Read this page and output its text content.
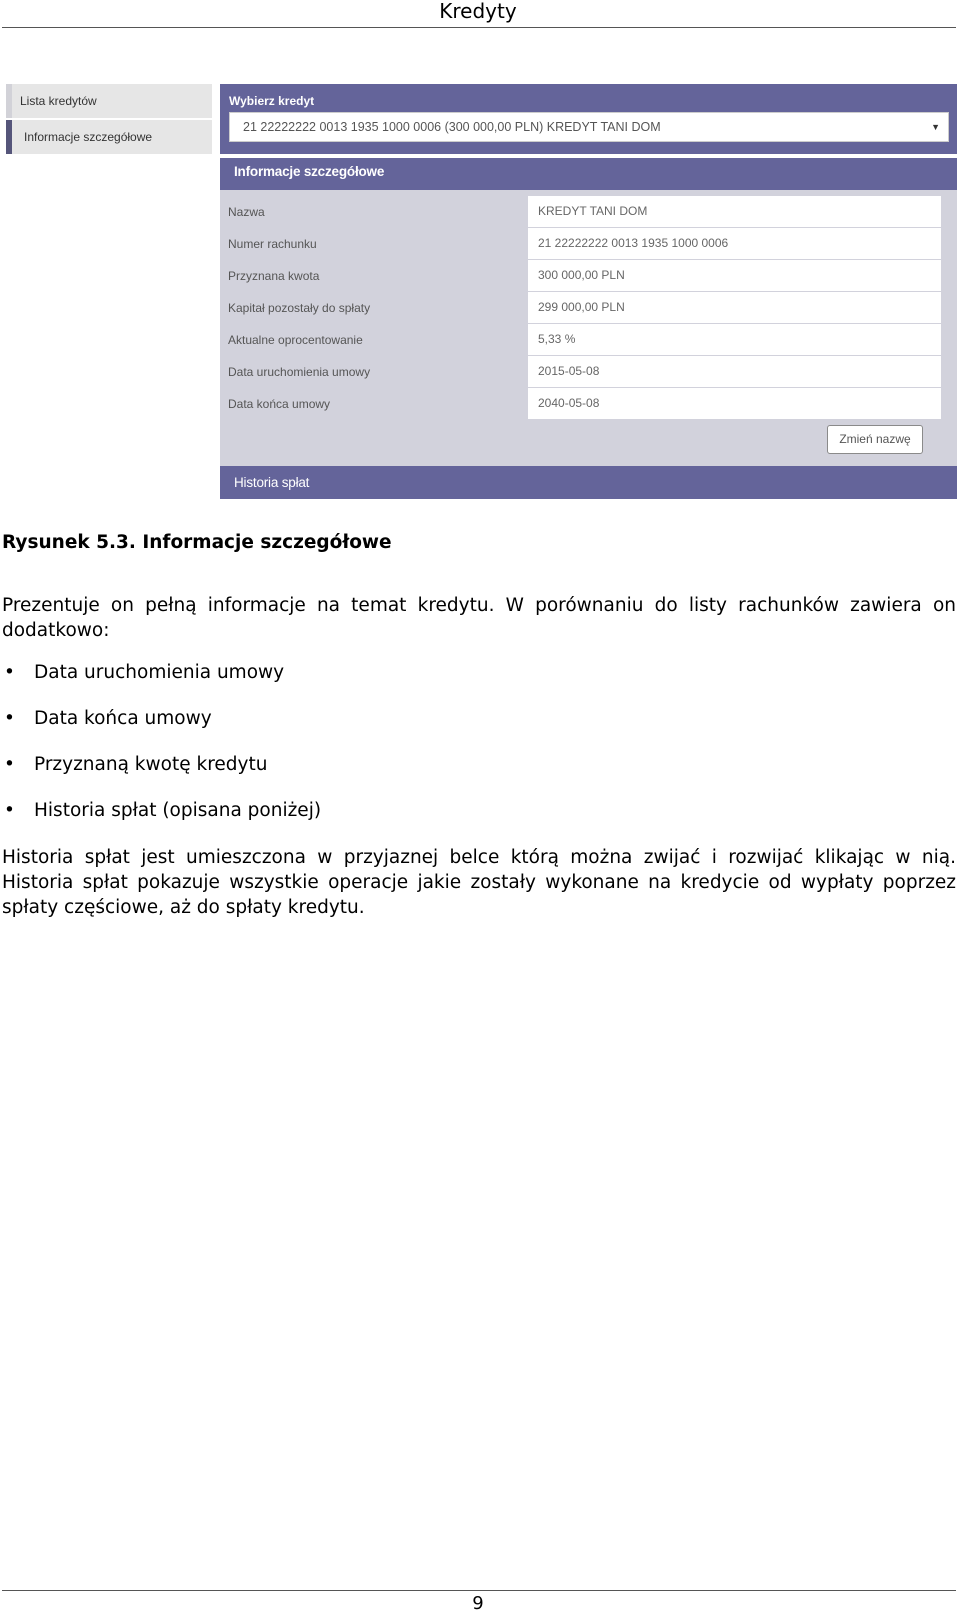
Kredyty
Lista kredytów
Informacje szczegółowe
Wybierz kredyt
21 22222222 0013 1935 1000 0006 (300 000,00 PLN) KREDYT TANI DOM	▼
Informacje szczegółowe
Nazwa	KREDYT TANI DOM
Numer rachunku	21 22222222 0013 1935 1000 0006
Przyznana kwota	300 000,00 PLN
Kapitał pozostały do spłaty	299 000,00 PLN
Aktualne oprocentowanie	5,33 %
Data uruchomienia umowy	2015-05-08
Data końca umowy	2040-05-08
Zmień nazwę
Historia spłat
Rysunek 5.3. Informacje szczegółowe
Prezentuje on pełną informacje na temat kredytu. W porównaniu do listy rachunków zawiera on dodatkowo:
• Data uruchomienia umowy
• Data końca umowy
• Przyznaną kwotę kredytu
• Historia spłat (opisana poniżej)
Historia spłat jest umieszczona w przyjaznej belce którą można zwijać i rozwijać klikając w nią. Historia spłat pokazuje wszystkie operacje jakie zostały wykonane na kredycie od wypłaty poprzez spłaty częściowe, aż do spłaty kredytu.
9
